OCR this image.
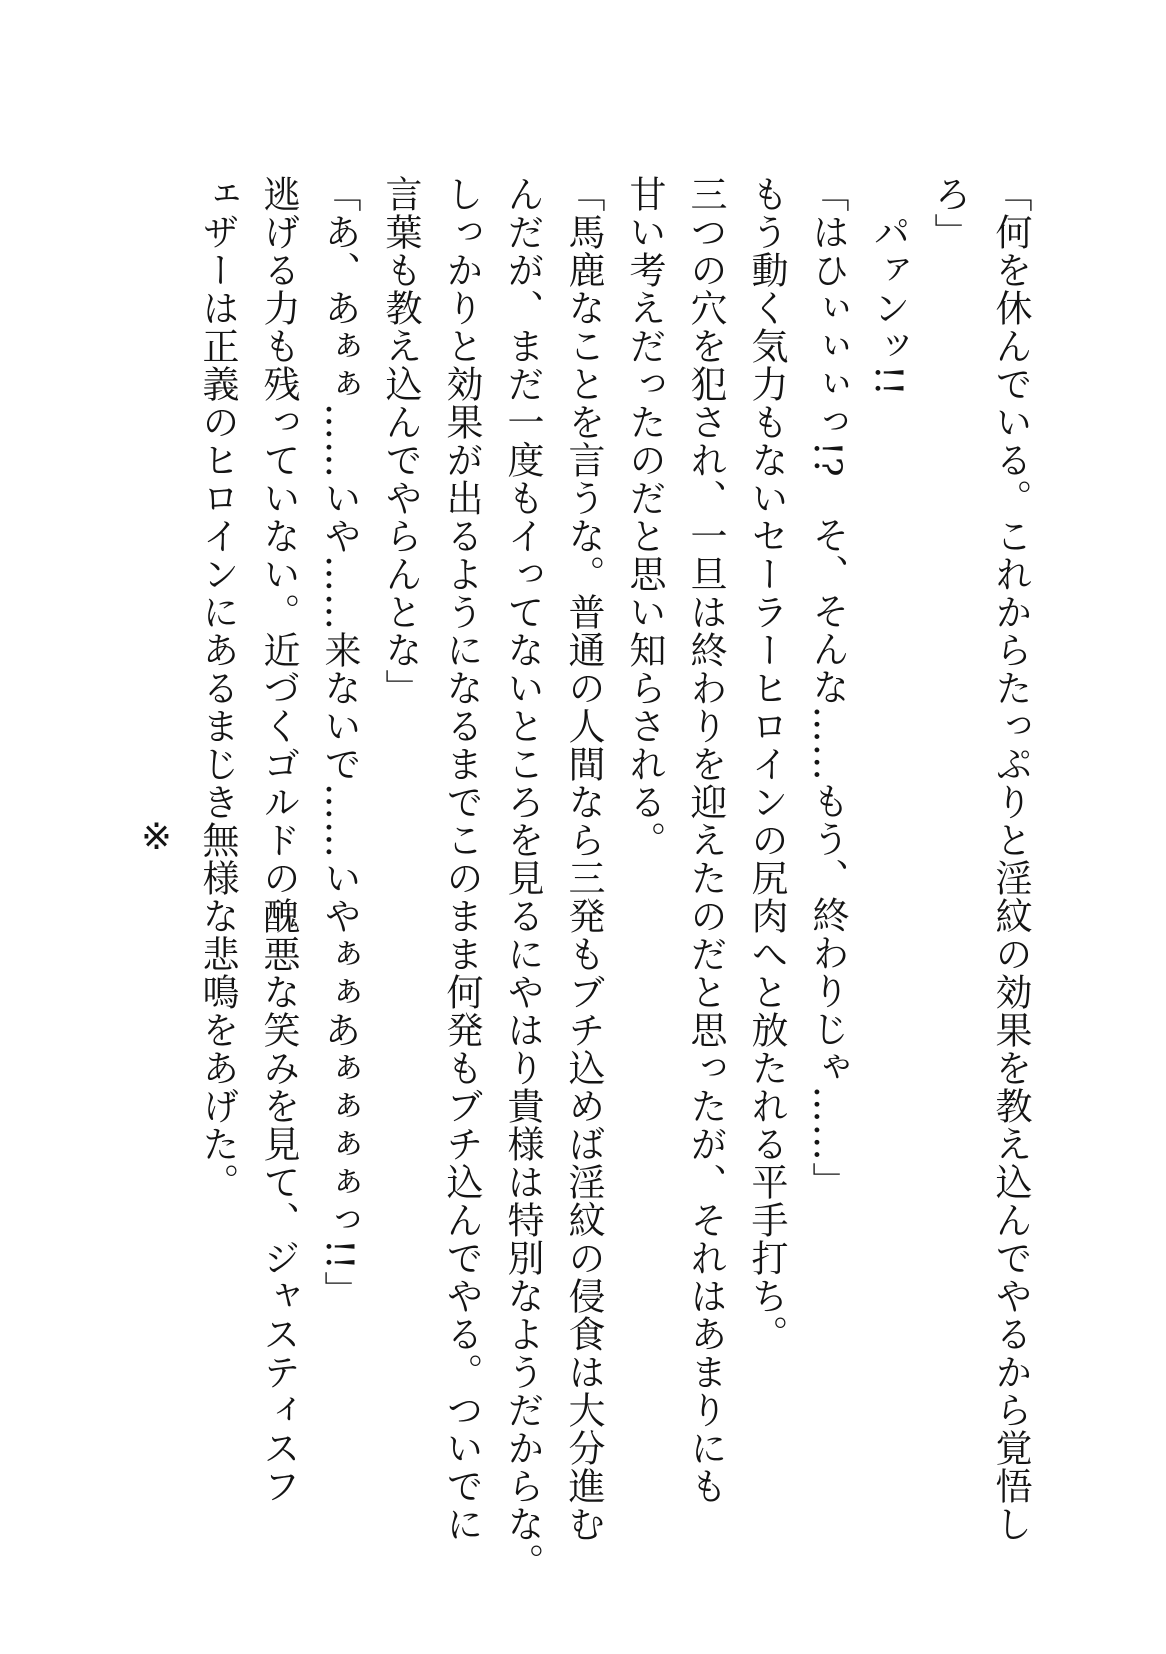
「何を休んでいる。これからたっぷりと淫紋の効果を教え込んでやるから覚悟し
ろ」
パァンッ!!
「はひぃぃぃっ!?　そ、そんな……もう、終わりじゃ……」
もう動く気力もないセーラーヒロインの尻肉へと放たれる平手打ち。
三つの穴を犯され、一旦は終わりを迎えたのだと思ったが、それはあまりにも
甘い考えだったのだと思い知らされる。
「馬鹿なことを言うな。普通の人間なら三発もブチ込めば淫紋の侵食は大分進む
んだが、まだ一度もイってないところを見るにやはり貴様は特別なようだからな。
しっかりと効果が出るようになるまでこのまま何発もブチ込んでやる。ついでに
言葉も教え込んでやらんとな」
「あ、あぁぁ……いや……来ないで……いやぁぁあぁぁぁぁっ!!」
逃げる力も残っていない。近づくゴルドの醜悪な笑みを見て、ジャスティスフ
ェザーは正義のヒロインにあるまじき無様な悲鳴をあげた。
※
